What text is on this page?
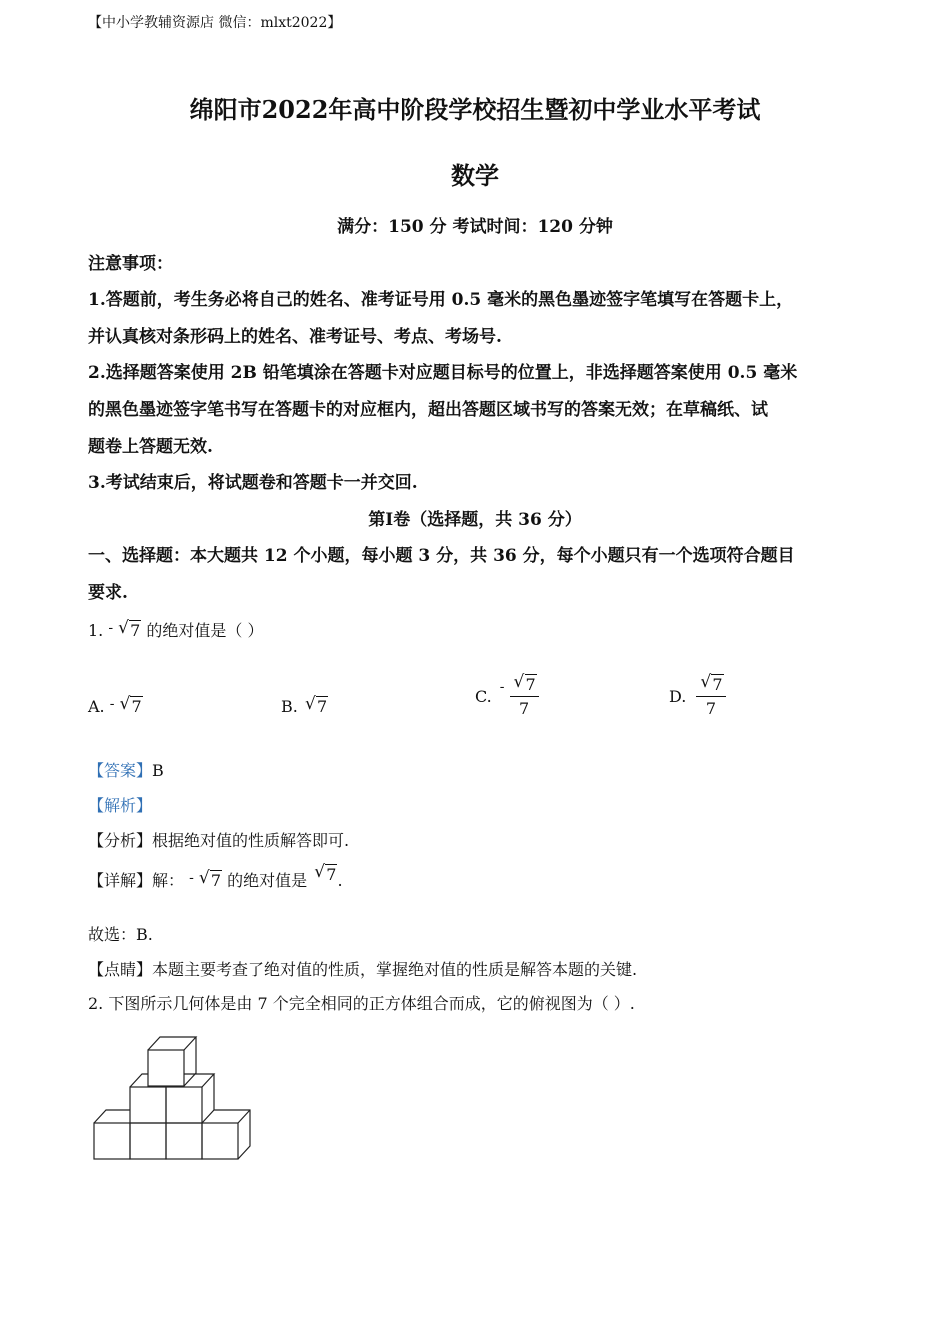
【中小学教辅资源店 微信：mlxt2022】
绵阳市2022年高中阶段学校招生暨初中学业水平考试
数学
满分：150 分 考试时间：120 分钟
注意事项：
1.答题前，考生务必将自己的姓名、准考证号用 0.5 毫米的黑色墨迹签字笔填写在答题卡上，
并认真核对条形码上的姓名、准考证号、考点、考场号.
2.选择题答案使用 2B 铅笔填涂在答题卡对应题目标号的位置上，非选择题答案使用 0.5 毫米
的黑色墨迹签字笔书写在答题卡的对应框内，超出答题区域书写的答案无效；在草稿纸、试
题卷上答题无效.
3.考试结束后，将试题卷和答题卡一并交回.
第Ⅰ卷（选择题，共 36 分）
一、选择题：本大题共 12 个小题，每小题 3 分，共 36 分，每个小题只有一个选项符合题目
要求.
1. - √ 7 的绝对值是（ ）
A. - √ 7	B. √ 7
C.
- $\frac{√ 7}{7}$	D. $\frac{√ 7}{7}$
【答案】B
【解析】
【分析】根据绝对值的性质解答即可.
【详解】解： - √ 7 的绝对值是 √ 7.
故选：B.
【点睛】本题主要考查了绝对值的性质，掌握绝对值的性质是解答本题的关键.
2. 下图所示几何体是由 7 个完全相同的正方体组合而成，它的俯视图为（ ）.
